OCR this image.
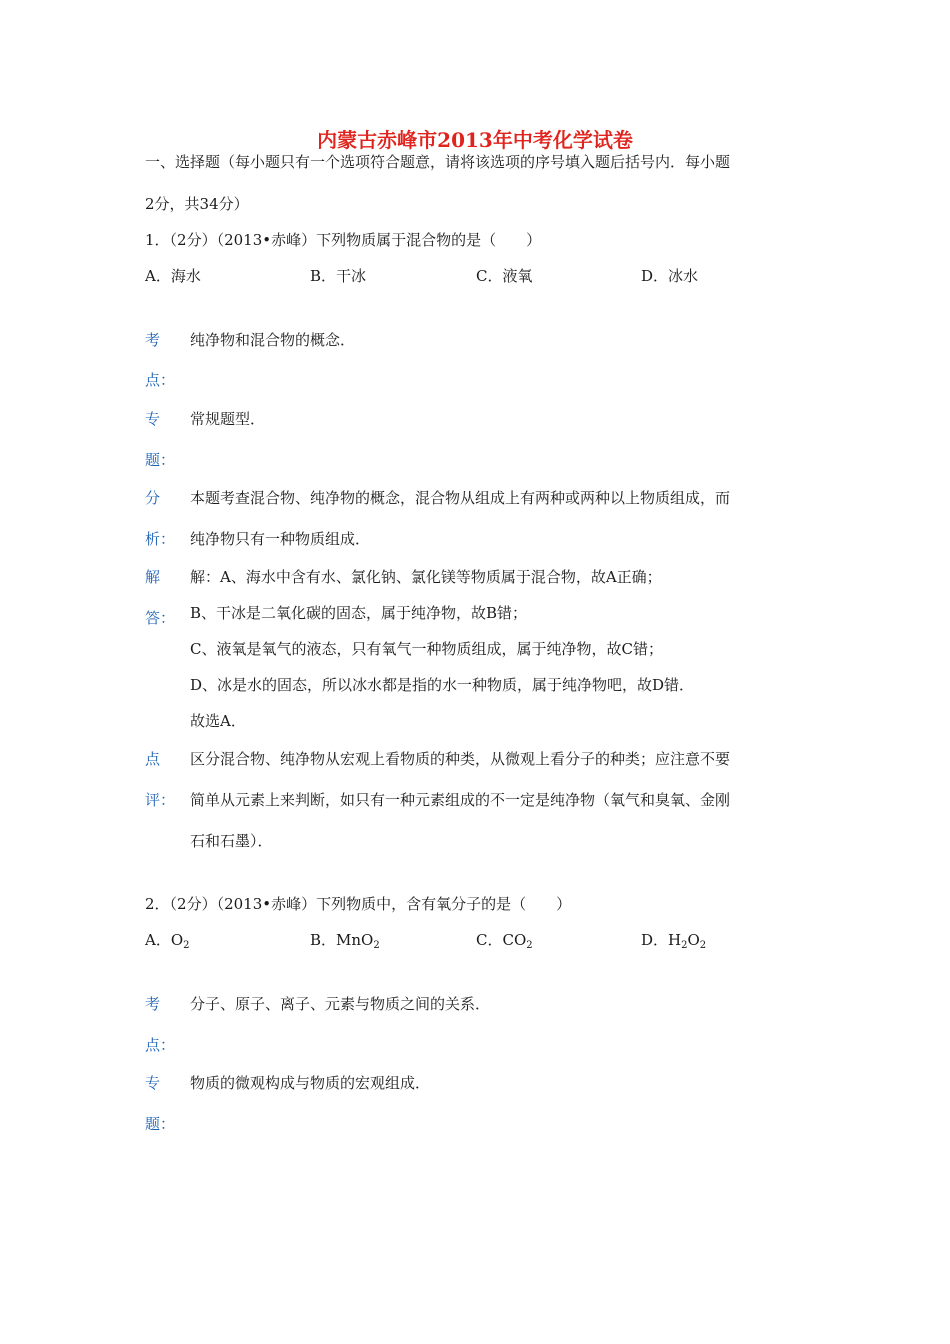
内蒙古赤峰市2013年中考化学试卷
一、选择题（每小题只有一个选项符合题意，请将该选项的序号填入题后括号内．每小题
2分，共34分）
1．（2分）（2013•赤峰）下列物质属于混合物的是（　　）
A．海水	B．干冰	C．液氧	D．冰水
考 纯净物和混合物的概念．
点：
专 常规题型．
题：
分 本题考查混合物、纯净物的概念，混合物从组成上有两种或两种以上物质组成，而
析： 纯净物只有一种物质组成．
解 解：A、海水中含有水、氯化钠、氯化镁等物质属于混合物，故A正确；
答： B、干冰是二氧化碳的固态，属于纯净物，故B错；
C、液氧是氧气的液态，只有氧气一种物质组成，属于纯净物，故C错；
D、冰是水的固态，所以冰水都是指的水一种物质，属于纯净物吧，故D错．
故选A．
点 区分混合物、纯净物从宏观上看物质的种类，从微观上看分子的种类；应注意不要
评： 简单从元素上来判断，如只有一种元素组成的不一定是纯净物（氧气和臭氧、金刚
石和石墨）．
2．（2分）（2013•赤峰）下列物质中，含有氧分子的是（　　）
A．$O_2$	B．MnO$_2$	C．$CO_2$	D．$H_2O_2$
考 分子、原子、离子、元素与物质之间的关系．
点：
专 物质的微观构成与物质的宏观组成．
题：
